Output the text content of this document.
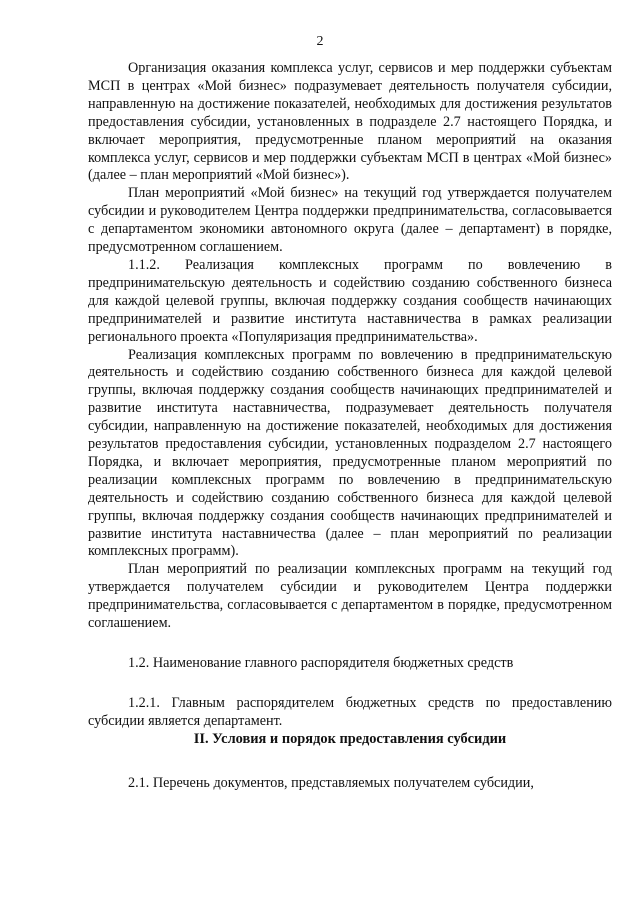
2

Организация оказания комплекса услуг, сервисов и мер поддержки субъектам МСП в центрах «Мой бизнес» подразумевает деятельность получателя субсидии, направленную на достижение показателей, необходимых для достижения результатов предоставления субсидии, установленных в подразделе 2.7 настоящего Порядка, и включает мероприятия, предусмотренные планом мероприятий на оказания комплекса услуг, сервисов и мер поддержки субъектам МСП в центрах «Мой бизнес» (далее – план мероприятий «Мой бизнес»).

План мероприятий «Мой бизнес» на текущий год утверждается получателем субсидии и руководителем Центра поддержки предпринимательства, согласовывается с департаментом экономики автономного округа (далее – департамент) в порядке, предусмотренном соглашением.

1.1.2. Реализация комплексных программ по вовлечению в предпринимательскую деятельность и содействию созданию собственного бизнеса для каждой целевой группы, включая поддержку создания сообществ начинающих предпринимателей и развитие института наставничества в рамках реализации регионального проекта «Популяризация предпринимательства».

Реализация комплексных программ по вовлечению в предпринимательскую деятельность и содействию созданию собственного бизнеса для каждой целевой группы, включая поддержку создания сообществ начинающих предпринимателей и развитие института наставничества, подразумевает деятельность получателя субсидии, направленную на достижение показателей, необходимых для достижения результатов предоставления субсидии, установленных подразделом 2.7 настоящего Порядка, и включает мероприятия, предусмотренные планом мероприятий по реализации комплексных программ по вовлечению в предпринимательскую деятельность и содействию созданию собственного бизнеса для каждой целевой группы, включая поддержку создания сообществ начинающих предпринимателей и развитие института наставничества (далее – план мероприятий по реализации комплексных программ).

План мероприятий по реализации комплексных программ на текущий год утверждается получателем субсидии и руководителем Центра поддержки предпринимательства, согласовывается с департаментом в порядке, предусмотренном соглашением.

1.2. Наименование главного распорядителя бюджетных средств

1.2.1. Главным распорядителем бюджетных средств по предоставлению субсидии является департамент.

II. Условия и порядок предоставления субсидии

2.1. Перечень документов, представляемых получателем субсидии,
